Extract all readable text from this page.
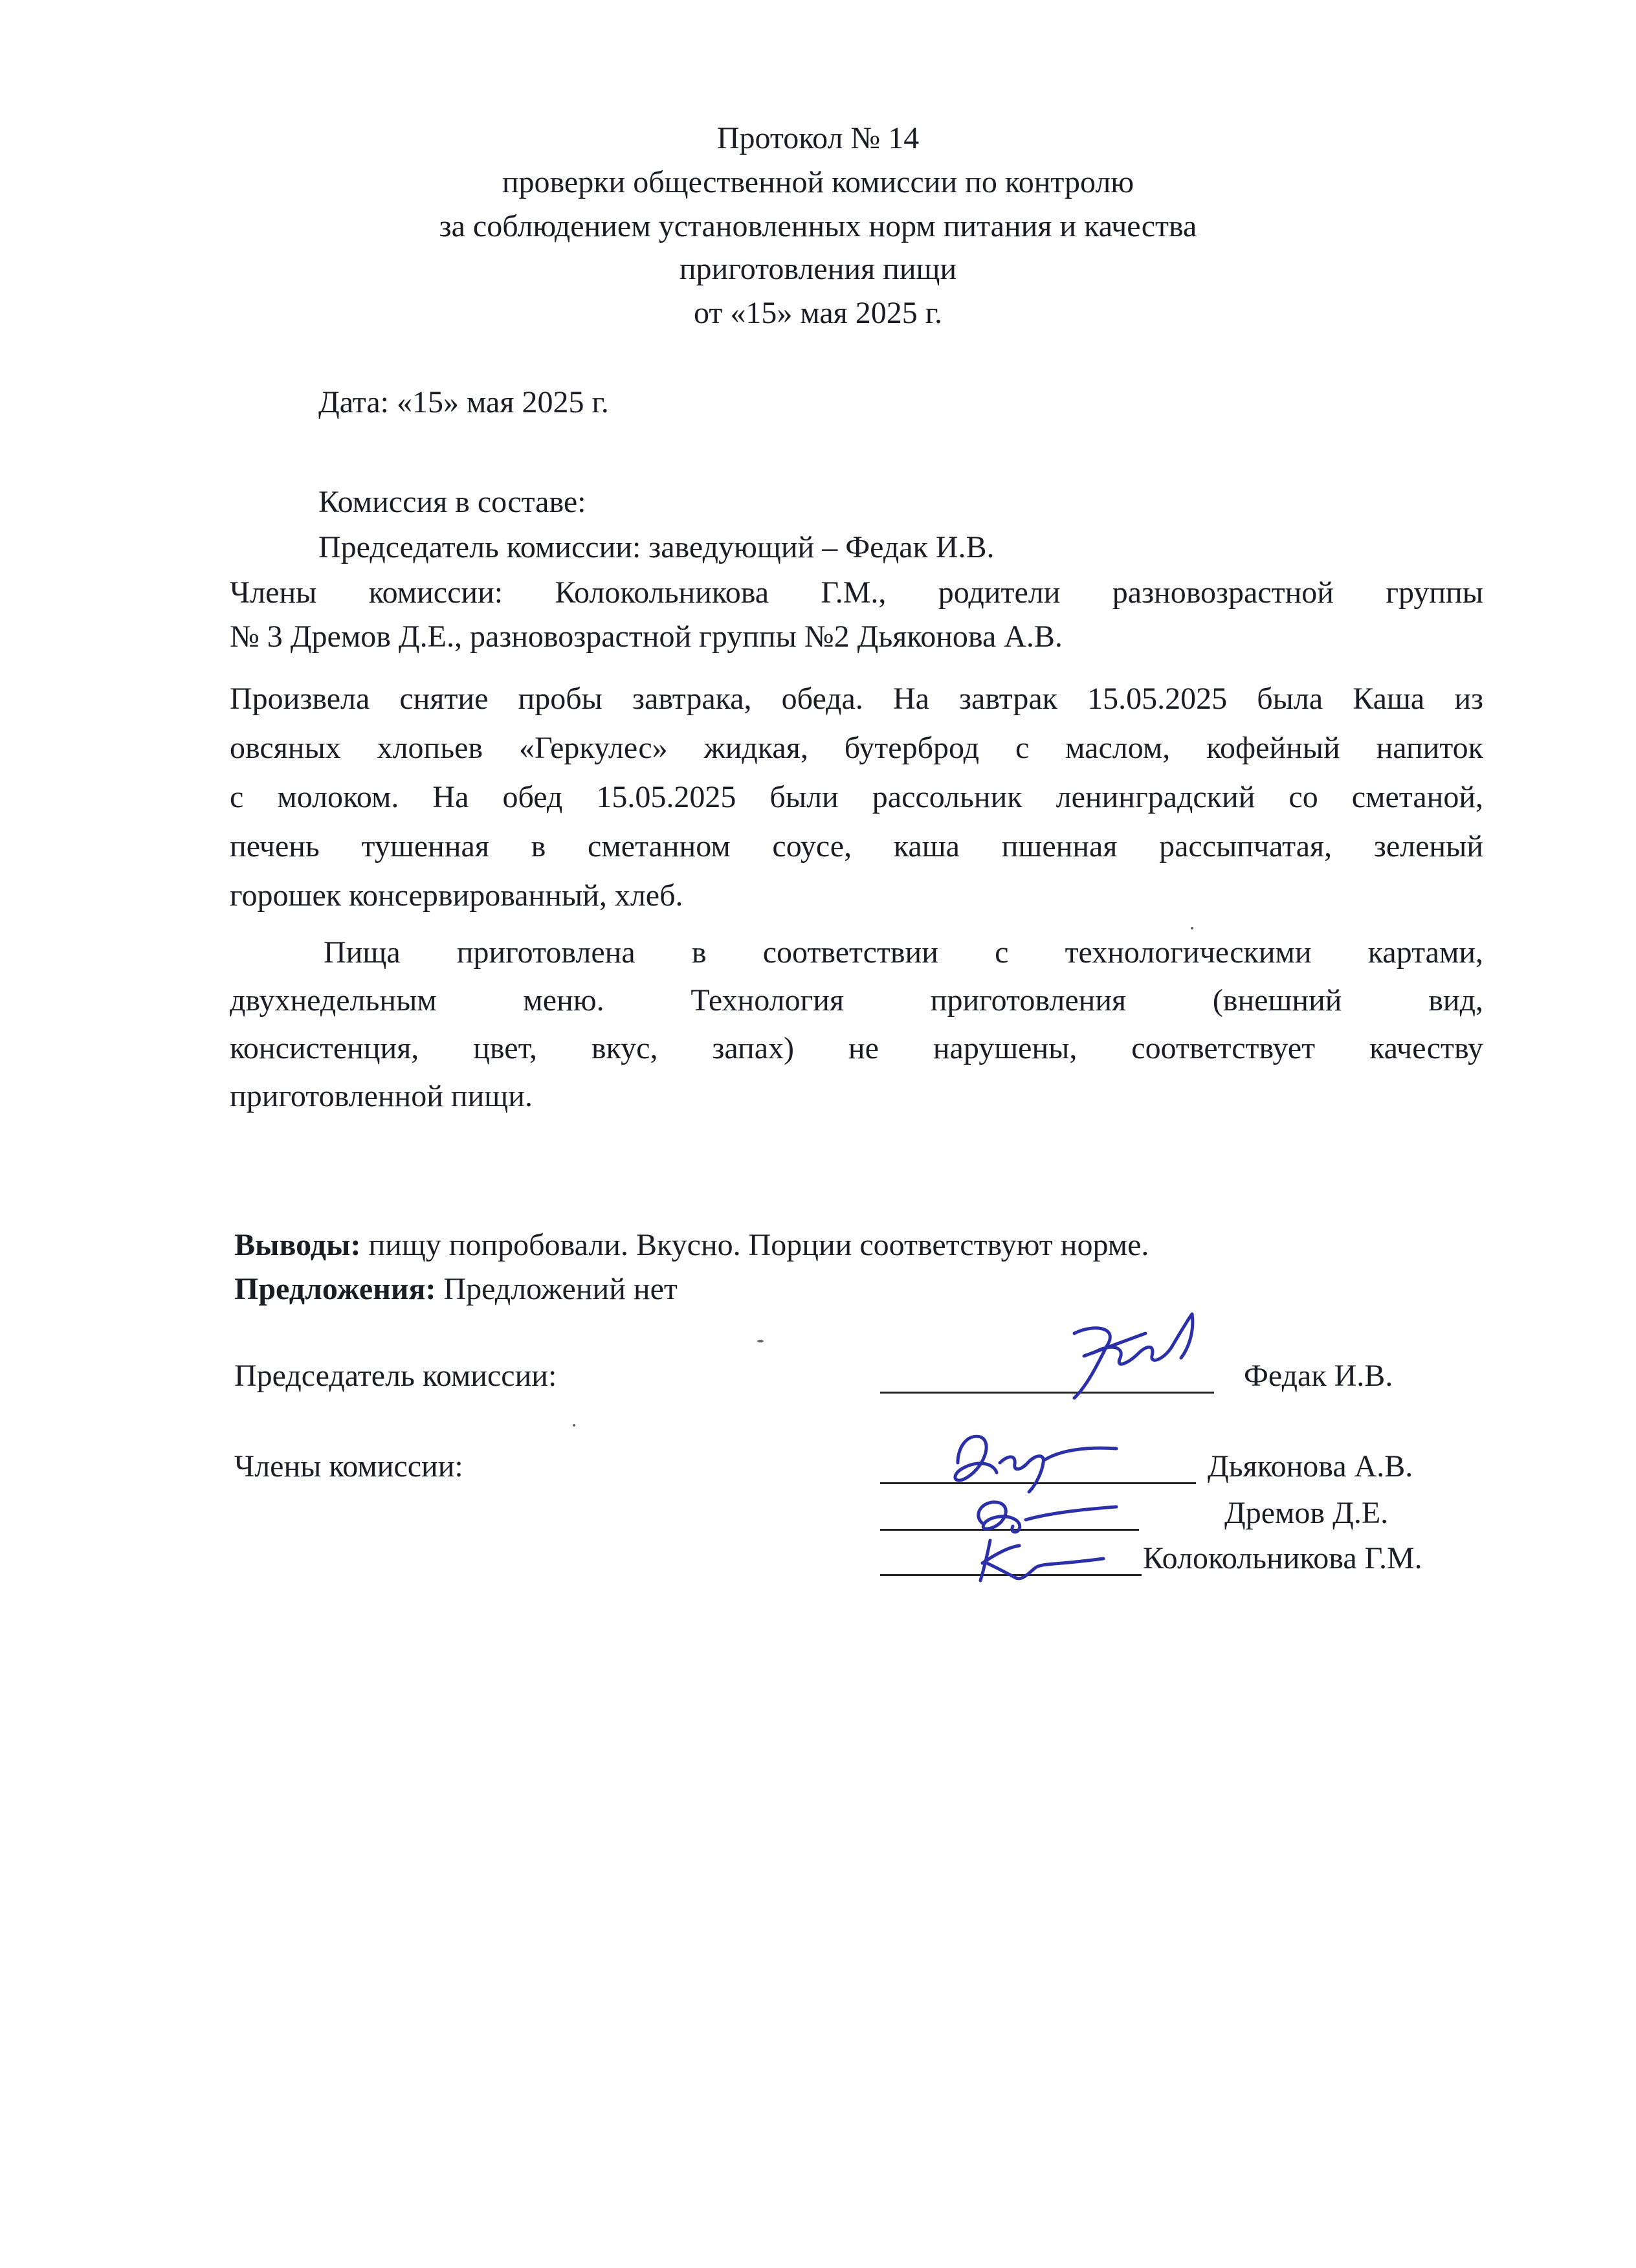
Протокол № 14
проверки общественной комиссии по контролю
за соблюдением установленных норм питания и качества
приготовления пищи
от «15» мая 2025 г.
Дата: «15» мая 2025 г.
Комиссия в составе:
Председатель комиссии: заведующий – Федак И.В.
Члены комиссии: Колокольникова Г.М., родители разновозрастной группы
№ 3 Дремов Д.Е., разновозрастной группы №2 Дьяконова А.В.
Произвела снятие пробы завтрака, обеда. На завтрак 15.05.2025 была Каша из
овсяных хлопьев «Геркулес» жидкая, бутерброд с маслом, кофейный напиток
с молоком. На обед 15.05.2025 были рассольник ленинградский со сметаной,
печень тушенная в сметанном соусе, каша пшенная рассыпчатая, зеленый
горошек консервированный, хлеб.
Пища приготовлена в соответствии с технологическими картами,
двухнедельным меню. Технология приготовления (внешний вид,
консистенция, цвет, вкус, запах) не нарушены, соответствует качеству
приготовленной пищи.
Выводы: пищу попробовали. Вкусно. Порции соответствуют норме.
Предложения: Предложений нет
Председатель комиссии:	Федак И.В.
Члены комиссии:	Дьяконова А.В.
Дремов Д.Е.
Колокольникова Г.М.
